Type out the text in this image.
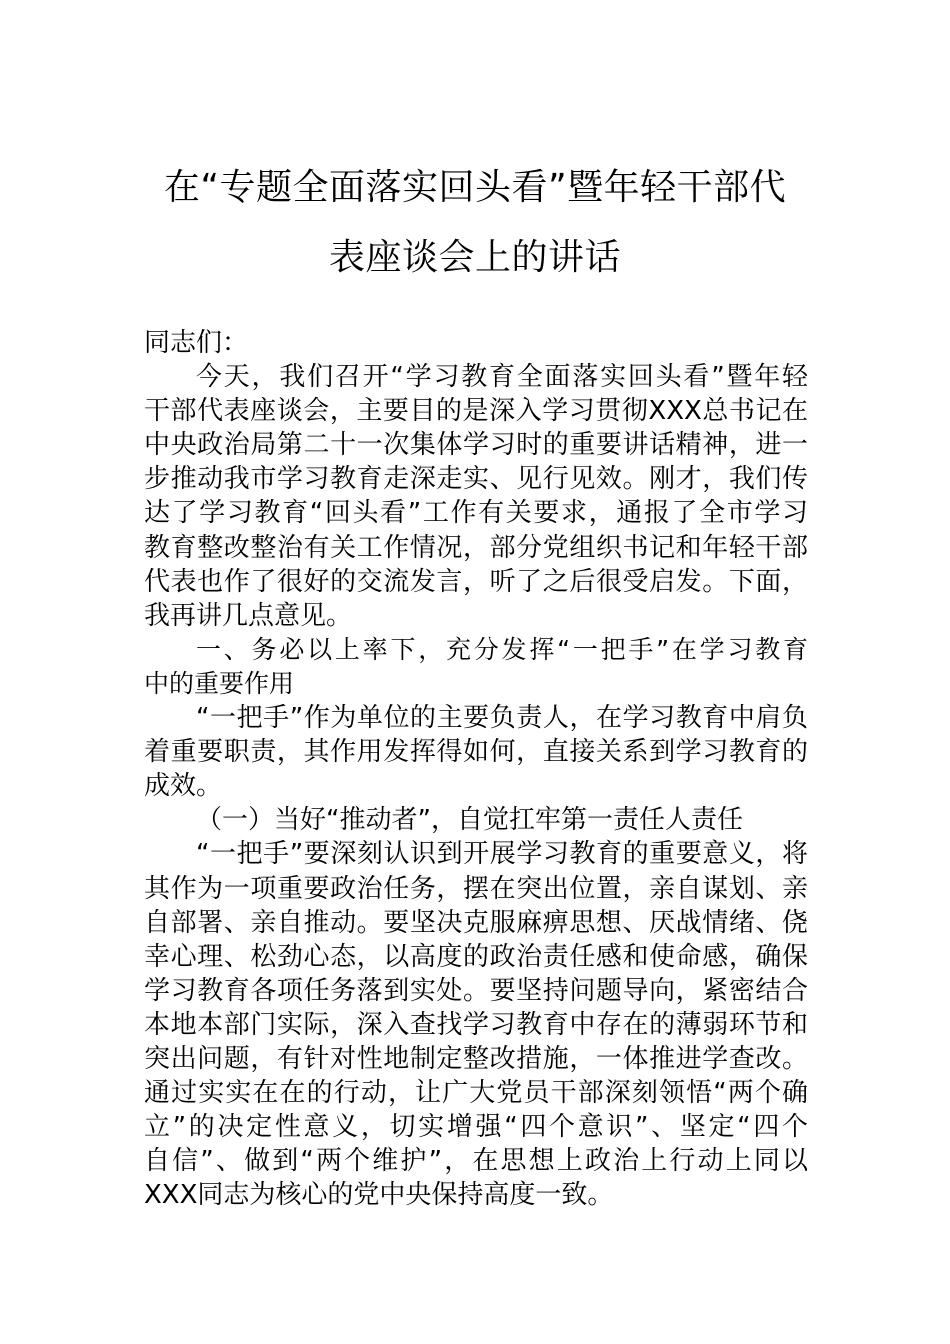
在“专题全面落实回头看”暨年轻干部代
表座谈会上的讲话
同志们：
今天，我们召开“学习教育全面落实回头看”暨年轻
干部代表座谈会，主要目的是深入学习贯彻XXX总书记在
中央政治局第二十一次集体学习时的重要讲话精神，进一
步推动我市学习教育走深走实、见行见效。刚才，我们传
达了学习教育“回头看”工作有关要求，通报了全市学习
教育整改整治有关工作情况，部分党组织书记和年轻干部
代表也作了很好的交流发言，听了之后很受启发。下面，
我再讲几点意见。
一、务必以上率下，充分发挥“一把手”在学习教育
中的重要作用
“一把手”作为单位的主要负责人，在学习教育中肩负
着重要职责，其作用发挥得如何，直接关系到学习教育的
成效。
（一）当好“推动者”，自觉扛牢第一责任人责任
“一把手”要深刻认识到开展学习教育的重要意义，将
其作为一项重要政治任务，摆在突出位置，亲自谋划、亲
自部署、亲自推动。要坚决克服麻痹思想、厌战情绪、侥
幸心理、松劲心态，以高度的政治责任感和使命感，确保
学习教育各项任务落到实处。要坚持问题导向，紧密结合
本地本部门实际，深入查找学习教育中存在的薄弱环节和
突出问题，有针对性地制定整改措施，一体推进学查改。
通过实实在在的行动，让广大党员干部深刻领悟“两个确
立”的决定性意义，切实增强“四个意识”、坚定“四个
自信”、做到“两个维护”，在思想上政治上行动上同以
XXX同志为核心的党中央保持高度一致。
